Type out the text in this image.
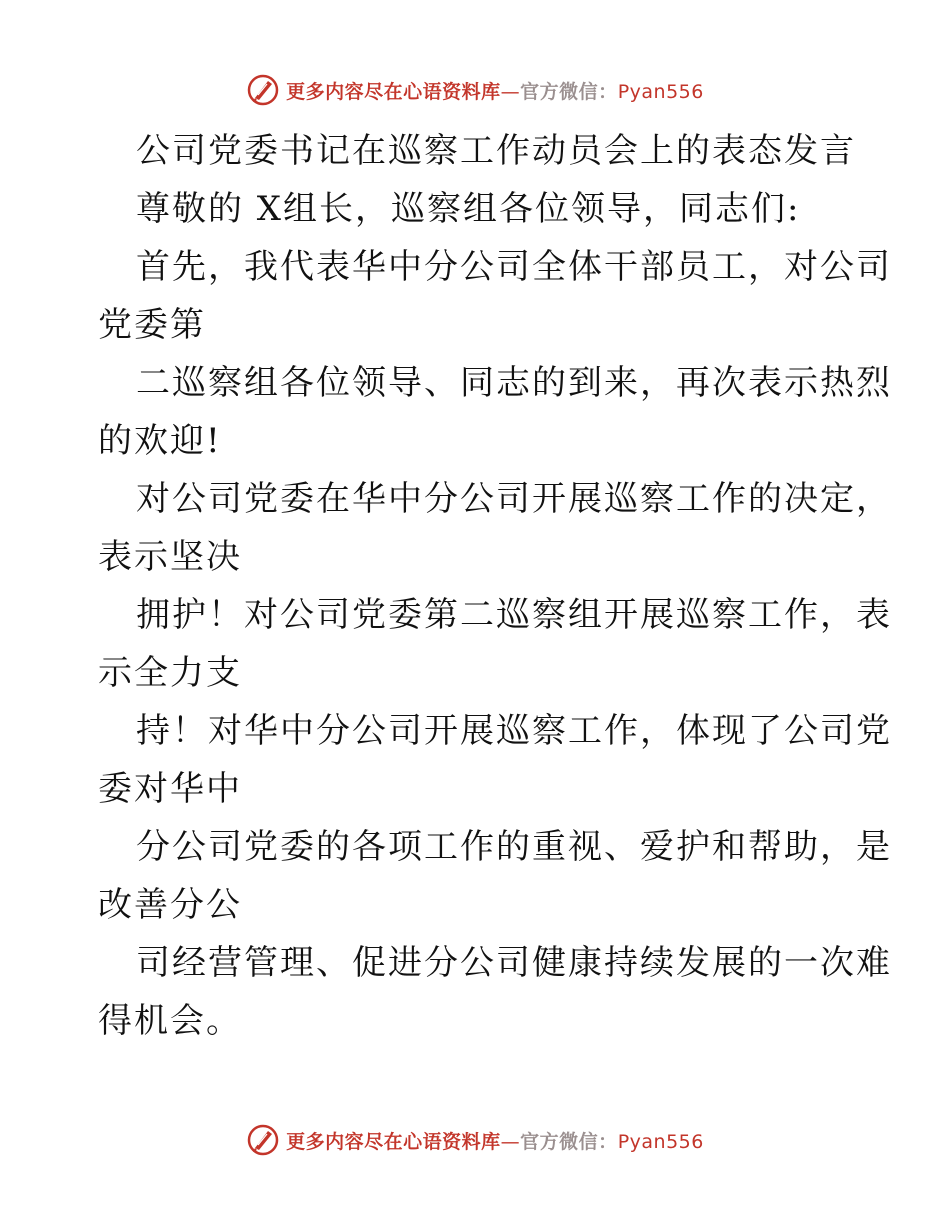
更多内容尽在心语资料库—官方微信：Pyan556
公司党委书记在巡察工作动员会上的表态发言
尊敬的 X组长，巡察组各位领导，同志们:
首先，我代表华中分公司全体干部员工，对公司
党委第
二巡察组各位领导、同志的到来，再次表示热烈
的欢迎!
对公司党委在华中分公司开展巡察工作的决定，
表示坚决
拥护！对公司党委第二巡察组开展巡察工作，表
示全力支
持！对华中分公司开展巡察工作，体现了公司党
委对华中
分公司党委的各项工作的重视、爱护和帮助，是
改善分公
司经营管理、促进分公司健康持续发展的一次难
得机会。
更多内容尽在心语资料库—官方微信：Pyan556
